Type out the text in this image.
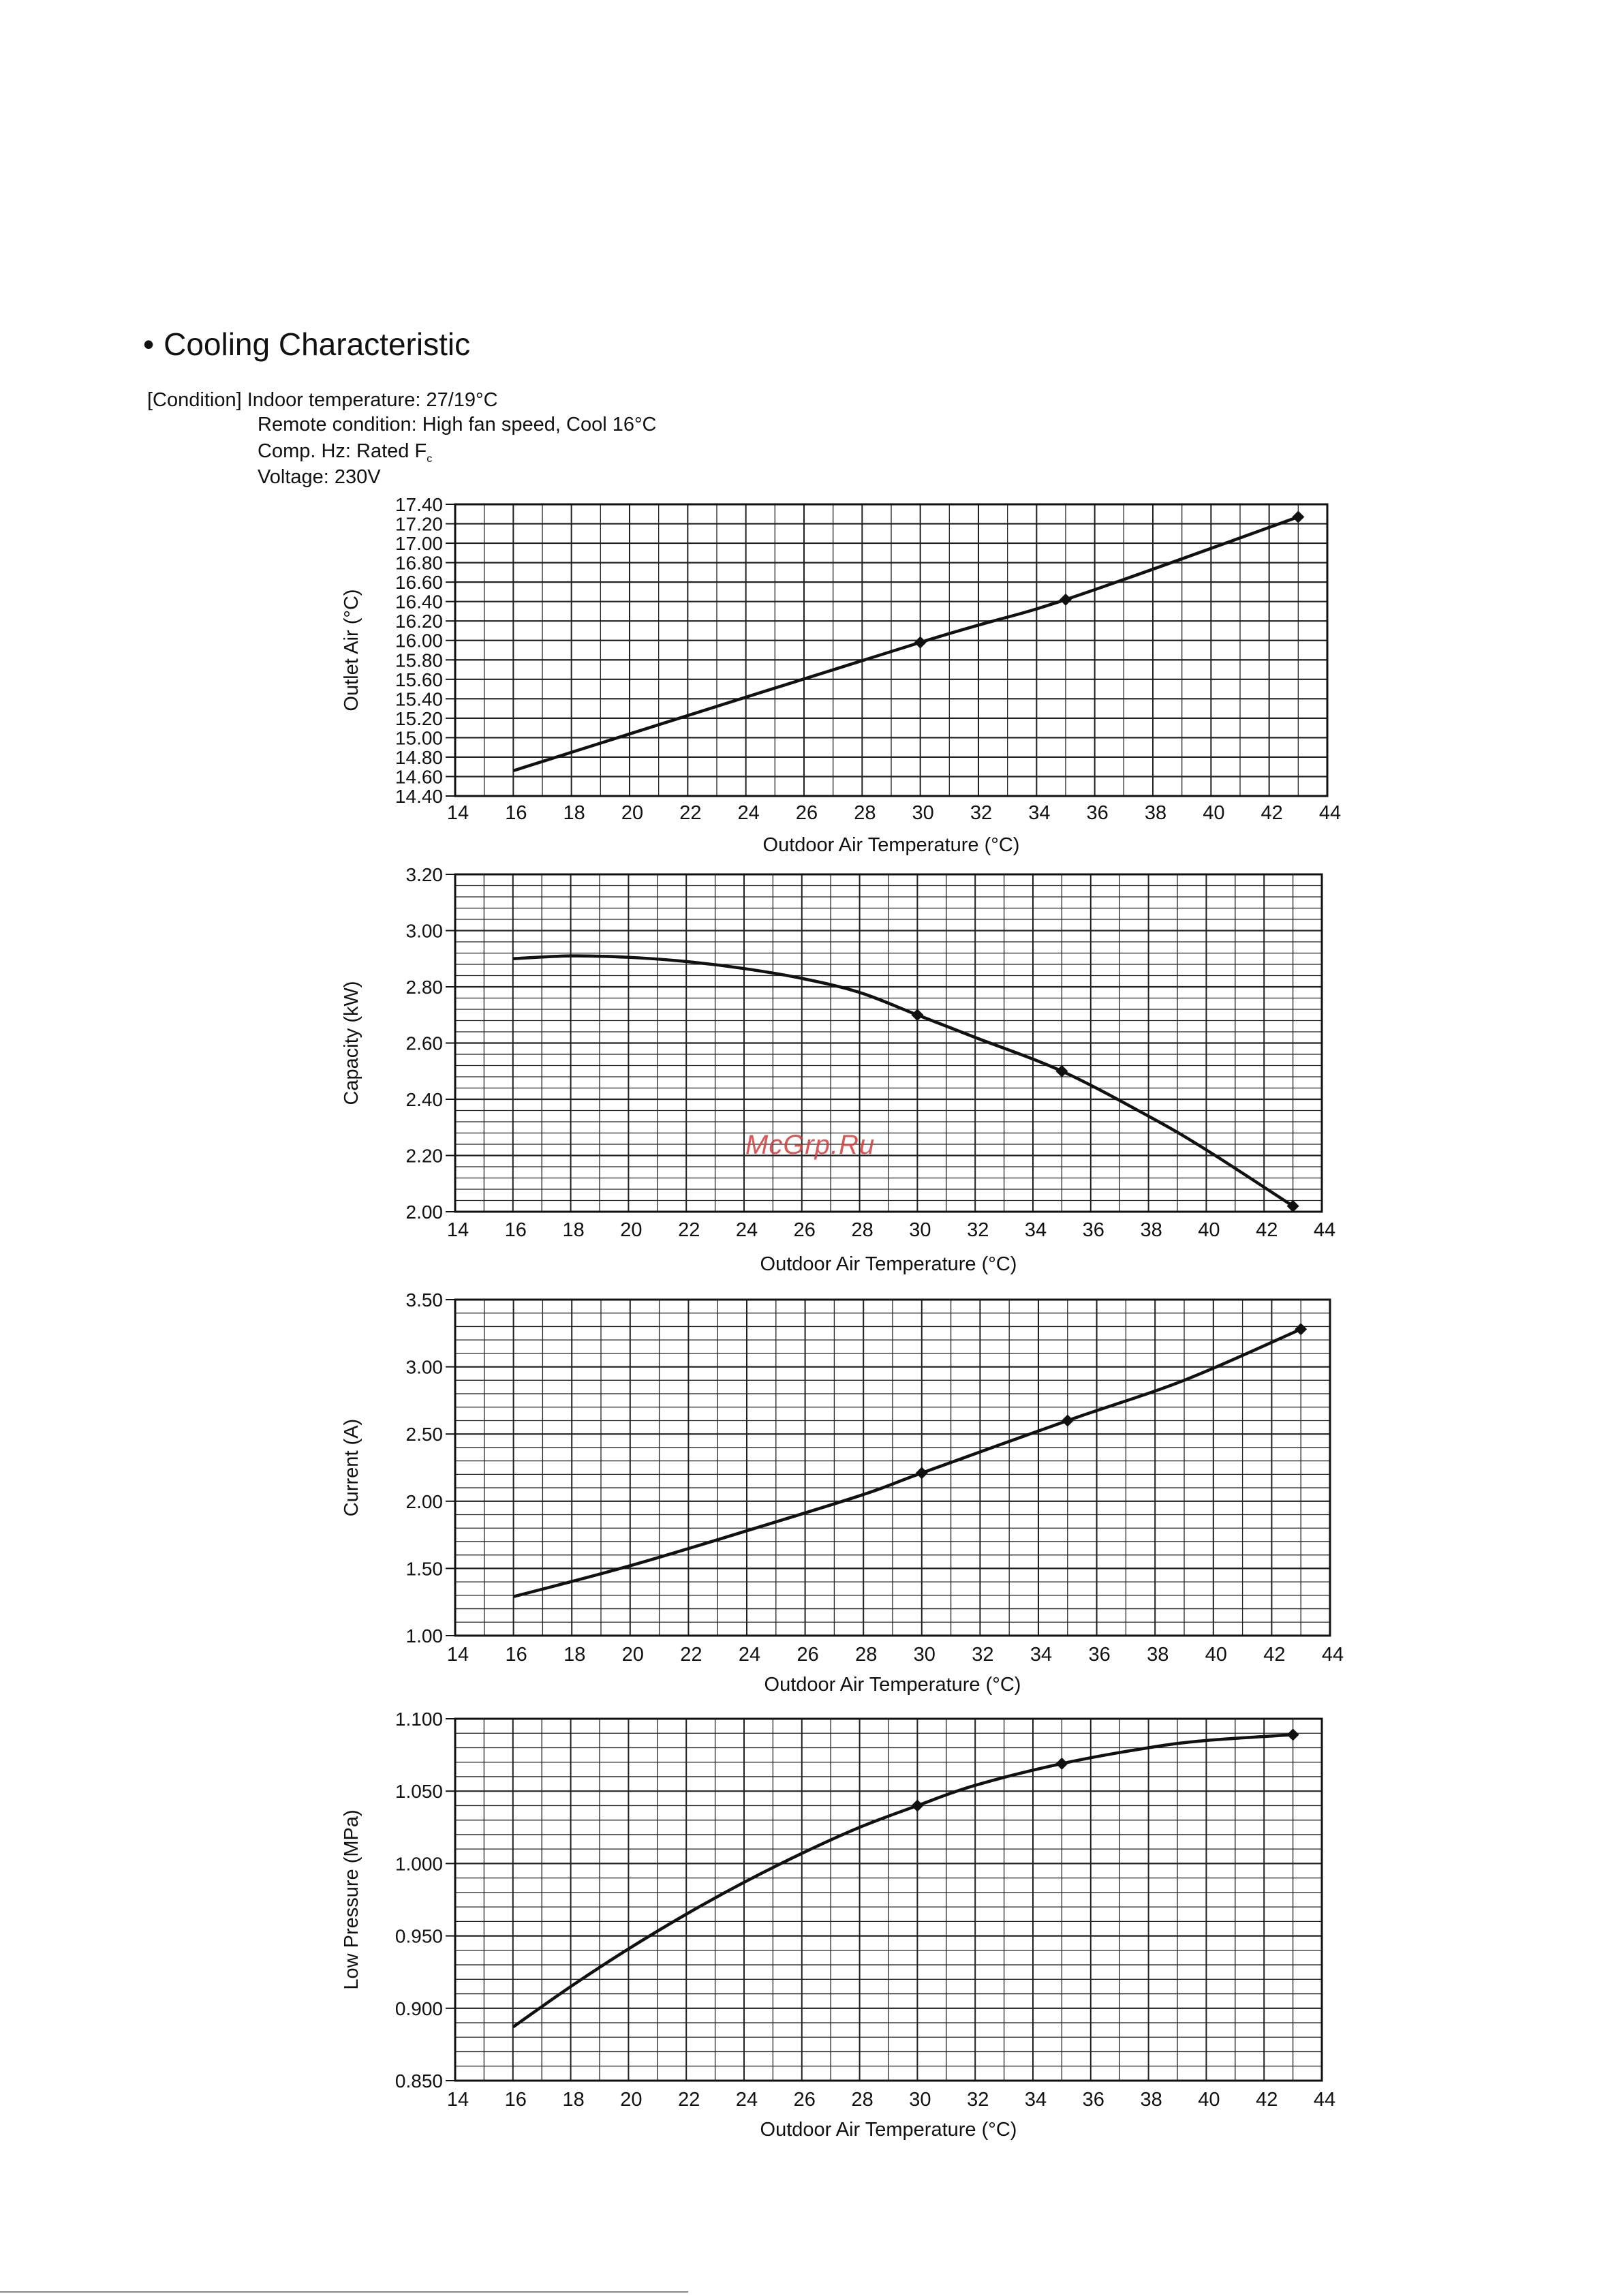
• Cooling Characteristic
[Condition] Indoor temperature: 27/19°C
Remote condition: High fan speed, Cool 16°C
Comp. Hz: Rated $F_c$
Voltage: 230V
14.40
14.60
14.80
15.00
15.20
15.40
15.60
15.80
16.00
16.20
16.40
16.60
16.80
17.00
17.20
17.40
14 16 18 20 22 24 26 28 30 32 34 36 38 40 42 44
Outdoor Air Temperature (°C)
Outlet Air (°C)
2.00
2.20
2.40
2.60
2.80
3.00
3.20
14 16 18 20 22 24 26 28 30 32 34 36 38 40 42 44
Outdoor Air Temperature (°C)
Capacity (kW)
1.00
1.50
2.00
2.50
3.00
3.50
14 16 18 20 22 24 26 28 30 32 34 36 38 40 42 44
Outdoor Air Temperature (°C)
Current (A)
0.850
0.900
0.950
1.000
1.050
1.100
14 16 18 20 22 24 26 28 30 32 34 36 38 40 42 44
Outdoor Air Temperature (°C)
Low Pressure (MPa)
McGrp.Ru
